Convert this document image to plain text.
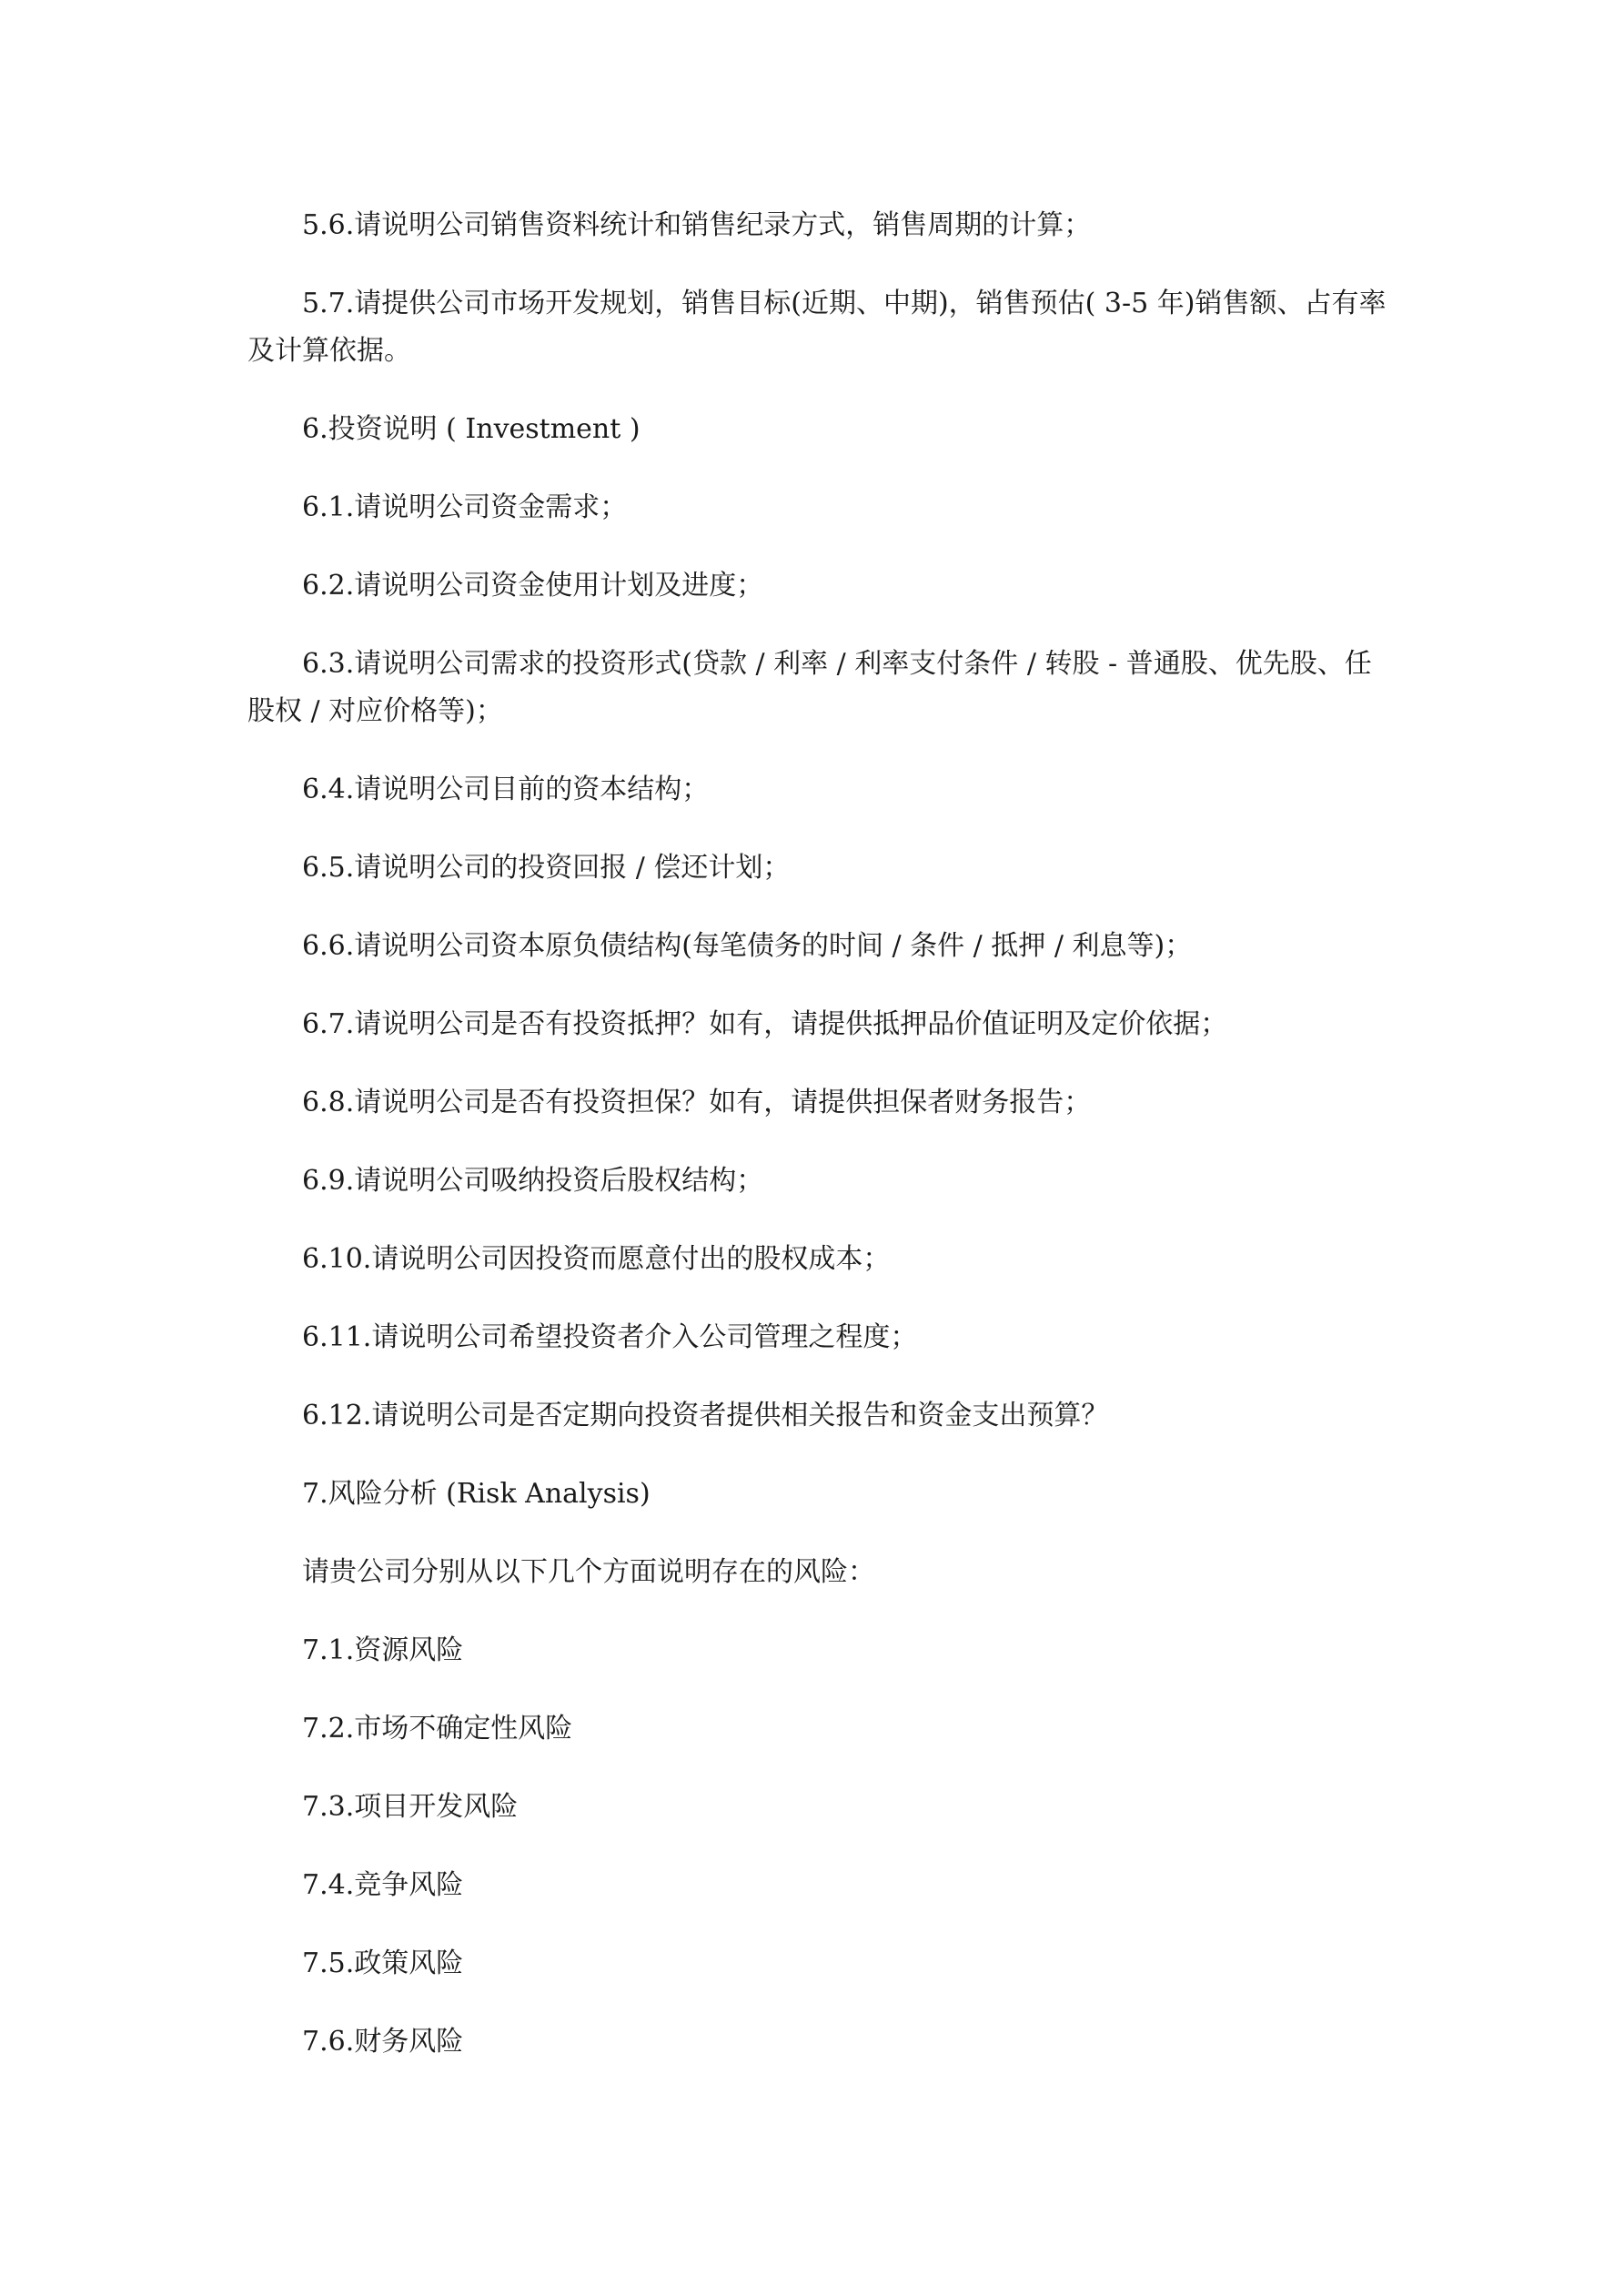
5.6.请说明公司销售资料统计和销售纪录方式，销售周期的计算；

5.7.请提供公司市场开发规划，销售目标(近期、中期)，销售预估( 3-5 年)销售额、占有率及计算依据。

6.投资说明 ( Investment )

6.1.请说明公司资金需求；

6.2.请说明公司资金使用计划及进度；

6.3.请说明公司需求的投资形式(贷款 / 利率 / 利率支付条件 / 转股 - 普通股、优先股、任股权 / 对应价格等)；

6.4.请说明公司目前的资本结构；

6.5.请说明公司的投资回报 / 偿还计划；

6.6.请说明公司资本原负债结构(每笔债务的时间 / 条件 / 抵押 / 利息等)；

6.7.请说明公司是否有投资抵押？如有，请提供抵押品价值证明及定价依据；

6.8.请说明公司是否有投资担保？如有，请提供担保者财务报告；

6.9.请说明公司吸纳投资后股权结构；

6.10.请说明公司因投资而愿意付出的股权成本；

6.11.请说明公司希望投资者介入公司管理之程度；

6.12.请说明公司是否定期向投资者提供相关报告和资金支出预算？

7.风险分析 (Risk Analysis)

请贵公司分别从以下几个方面说明存在的风险：

7.1.资源风险

7.2.市场不确定性风险

7.3.项目开发风险

7.4.竞争风险

7.5.政策风险

7.6.财务风险
